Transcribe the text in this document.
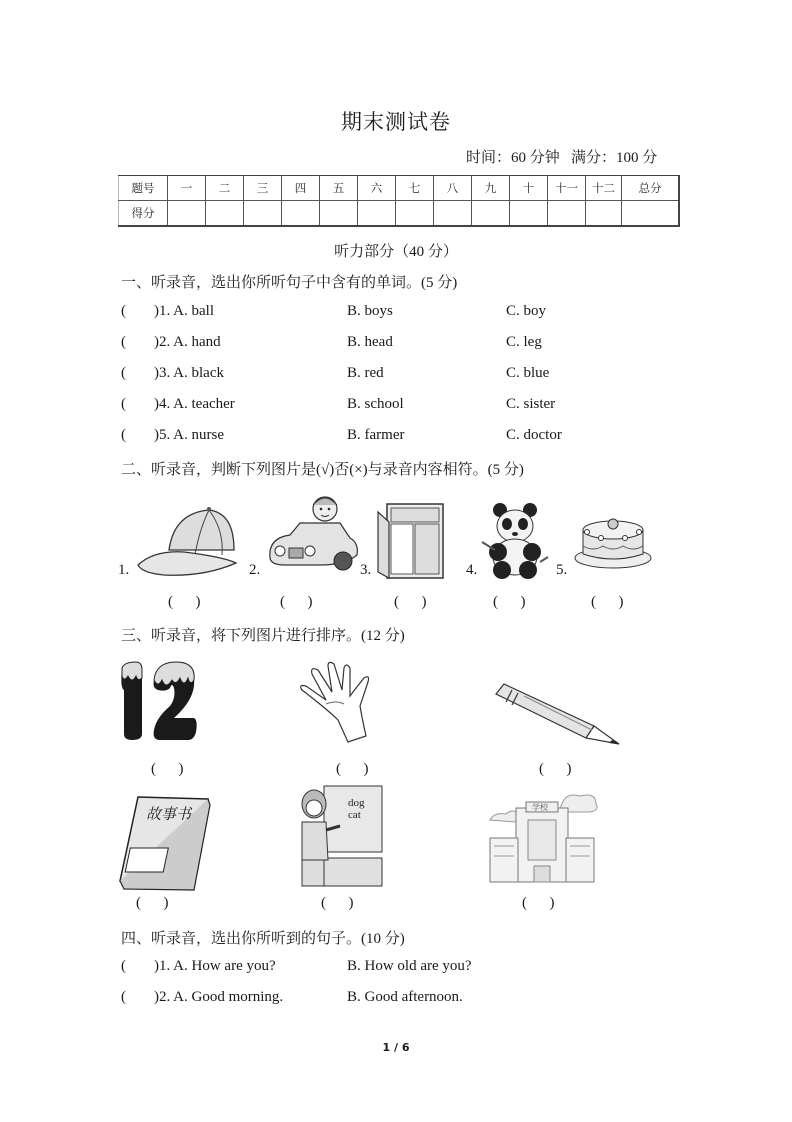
期末测试卷
时间：60 分钟   满分：100 分
题号	一	二	三	四	五	六	七	八	九	十	十一	十二	总分
得分													
听力部分（40 分）
一、听录音，选出你所听句子中含有的单词。(5 分)
( )1. A. ball	B. boys	C. boy
( )2. A. hand	B. head	C. leg
( )3. A. black	B. red	C. blue
( )4. A. teacher	B. school	C. sister
( )5. A. nurse	B. farmer	C. doctor
二、听录音，判断下列图片是(√)否(×)与录音内容相符。(5 分)
1.
(      )
2.
(      )
3.
(      )
4.
(      )
5.
(      )
三、听录音，将下列图片进行排序。(12 分)
(      )	(      )	(      )
故事书
(      )
dog
cat
(      )
学校
(      )
四、听录音，选出你所听到的句子。(10 分)
( )1. A. How are you?	B. How old are you?
( )2. A. Good morning.	B. Good afternoon.
1 / 6
